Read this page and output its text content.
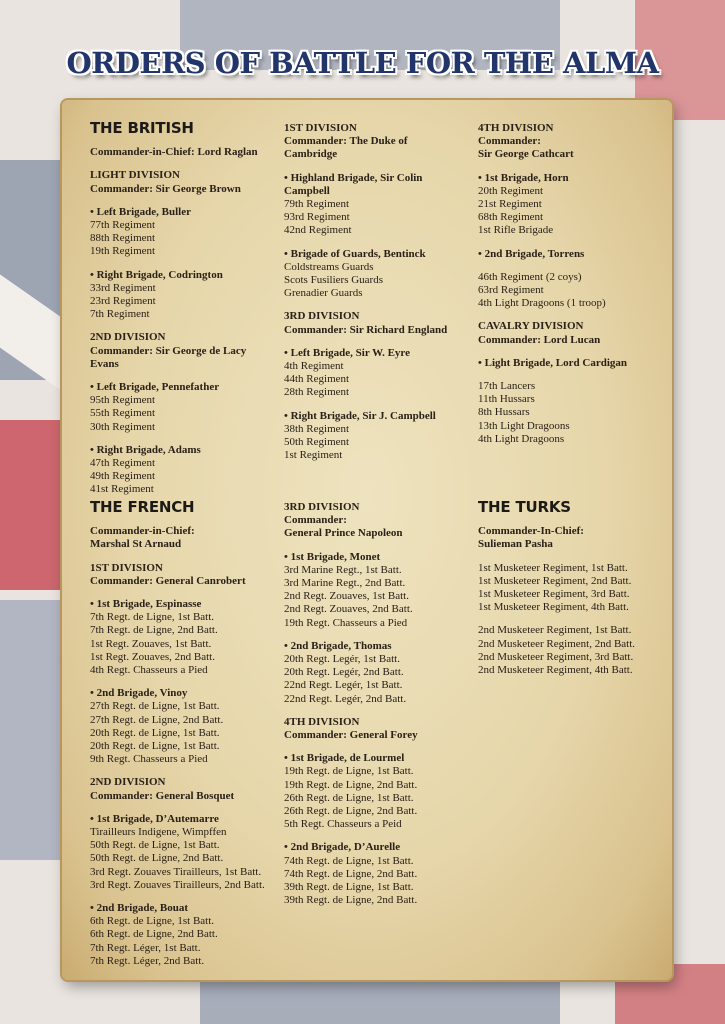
ORDERS OF BATTLE FOR THE ALMA
THE BRITISH
Commander-in-Chief: Lord Raglan
LIGHT DIVISION
Commander: Sir George Brown
• Left Brigade, Buller
77th Regiment
88th Regiment
19th Regiment
• Right Brigade, Codrington
33rd Regiment
23rd Regiment
7th Regiment
2ND DIVISION
Commander: Sir George de Lacy
Evans
• Left Brigade, Pennefather
95th Regiment
55th Regiment
30th Regiment
• Right Brigade, Adams
47th Regiment
49th Regiment
41st Regiment
1ST DIVISION
Commander: The Duke of
Cambridge
• Highland Brigade, Sir Colin
Campbell
79th Regiment
93rd Regiment
42nd Regiment
• Brigade of Guards, Bentinck
Coldstreams Guards
Scots Fusiliers Guards
Grenadier Guards
3RD DIVISION
Commander: Sir Richard England
• Left Brigade, Sir W. Eyre
4th Regiment
44th Regiment
28th Regiment
• Right Brigade, Sir J. Campbell
38th Regiment
50th Regiment
1st Regiment
4TH DIVISION
Commander:
Sir George Cathcart
• 1st Brigade, Horn
20th Regiment
21st Regiment
68th Regiment
1st Rifle Brigade
• 2nd Brigade, Torrens
46th Regiment (2 coys)
63rd Regiment
4th Light Dragoons (1 troop)
CAVALRY DIVISION
Commander: Lord Lucan
• Light Brigade, Lord Cardigan
17th Lancers
11th Hussars
8th Hussars
13th Light Dragoons
4th Light Dragoons
THE FRENCH
Commander-in-Chief:
Marshal St Arnaud
1ST DIVISION
Commander: General Canrobert
• 1st Brigade, Espinasse
7th Regt. de Ligne, 1st Batt.
7th Regt. de Ligne, 2nd Batt.
1st Regt. Zouaves, 1st Batt.
1st Regt. Zouaves, 2nd Batt.
4th Regt. Chasseurs a Pied
• 2nd Brigade, Vinoy
27th Regt. de Ligne, 1st Batt.
27th Regt. de Ligne, 2nd Batt.
20th Regt. de Ligne, 1st Batt.
20th Regt. de Ligne, 1st Batt.
9th Regt. Chasseurs a Pied
2ND DIVISION
Commander: General Bosquet
• 1st Brigade, D’Autemarre
Tirailleurs Indigene, Wimpffen
50th Regt. de Ligne, 1st Batt.
50th Regt. de Ligne, 2nd Batt.
3rd Regt. Zouaves Tirailleurs, 1st Batt.
3rd Regt. Zouaves Tirailleurs, 2nd Batt.
• 2nd Brigade, Bouat
6th Regt. de Ligne, 1st Batt.
6th Regt. de Ligne, 2nd Batt.
7th Regt. Léger, 1st Batt.
7th Regt. Léger, 2nd Batt.
3RD DIVISION
Commander:
General Prince Napoleon
• 1st Brigade, Monet
3rd Marine Regt., 1st Batt.
3rd Marine Regt., 2nd Batt.
2nd Regt. Zouaves, 1st Batt.
2nd Regt. Zouaves, 2nd Batt.
19th Regt. Chasseurs a Pied
• 2nd Brigade, Thomas
20th Regt. Legér, 1st Batt.
20th Regt. Legér, 2nd Batt.
22nd Regt. Legér, 1st Batt.
22nd Regt. Legér, 2nd Batt.
4TH DIVISION
Commander: General Forey
• 1st Brigade, de Lourmel
19th Regt. de Ligne, 1st Batt.
19th Regt. de Ligne, 2nd Batt.
26th Regt. de Ligne, 1st Batt.
26th Regt. de Ligne, 2nd Batt.
5th Regt. Chasseurs a Peid
• 2nd Brigade, D’Aurelle
74th Regt. de Ligne, 1st Batt.
74th Regt. de Ligne, 2nd Batt.
39th Regt. de Ligne, 1st Batt.
39th Regt. de Ligne, 2nd Batt.
THE TURKS
Commander-In-Chief:
Sulieman Pasha
1st Musketeer Regiment, 1st Batt.
1st Musketeer Regiment, 2nd Batt.
1st Musketeer Regiment, 3rd Batt.
1st Musketeer Regiment, 4th Batt.
2nd Musketeer Regiment, 1st Batt.
2nd Musketeer Regiment, 2nd Batt.
2nd Musketeer Regiment, 3rd Batt.
2nd Musketeer Regiment, 4th Batt.
